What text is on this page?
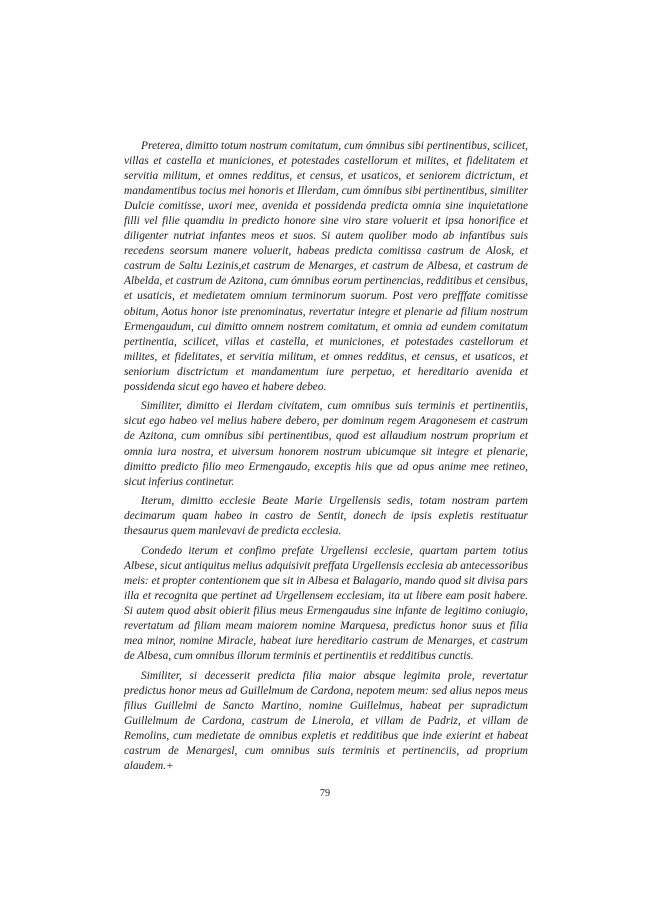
Preterea, dimitto totum nostrum comitatum, cum ómnibus sibi pertinentibus, scilicet, villas et castella et municiones, et potestades castellorum et milites, et fidelitatem et servitia militum, et omnes redditus, et census, et usaticos, et seniorem dictrictum, et mandamentibus tocius mei honoris et Illerdam, cum ómnibus sibi pertinentibus, similiter Dulcie comitisse, uxori mee, avenida et possidenda predicta omnia sine inquietatione filli vel filie quamdiu in predicto honore sine viro stare voluerit et ipsa honorifice et diligenter nutriat infantes meos et suos. Si autem quoliber modo ab infantibus suis recedens seorsum manere voluerit, habeas predicta comitissa castrum de Alosk, et castrum de Saltu Lezinis,et castrum de Menarges, et castrum de Albesa, et castrum de Albelda, et castrum de Azitona, cum ómnibus eorum pertinencias, redditibus et censibus, et usaticis, et medietatem omnium terminorum suorum. Post vero prefffate comitisse obitum, Aotus honor iste prenominatus, revertatur integre et plenarie ad filium nostrum Ermengaudum, cui dimitto omnem nostrem comitatum, et omnia ad eundem comitatum pertinentia, scilicet, villas et castella, et municiones, et potestades castellorum et milites, et fidelitates, et servitia militum, et omnes redditus, et census, et usaticos, et seniorium disctrictum et mandamentum iure perpetuo, et hereditario avenida et possidenda sicut ego haveo et habere debeo.

Similiter, dimitto ei Ilerdam civitatem, cum omnibus suis terminis et pertinentiis, sicut ego habeo vel melius habere debero, per dominum regem Aragonesem et castrum de Azitona, cum omnibus sibi pertinentibus, quod est allaudium nostrum proprium et omnia iura nostra, et uiversum honorem nostrum ubicumque sit integre et plenarie, dimitto predicto filio meo Ermengaudo, exceptis hiis que ad opus anime mee retineo, sicut inferius continetur.

Iterum, dimitto ecclesie Beate Marie Urgellensis sedis, totam nostram partem decimarum quam habeo in castro de Sentit, donech de ipsis expletis restituatur thesaurus quem manlevavi de predicta ecclesia.

Condedo iterum et confimo prefate Urgellensi ecclesie, quartam partem totius Albese, sicut antiquitus melius adquisivit preffata Urgellensis ecclesia ab antecessoribus meis: et propter contentionem que sit in Albesa et Balagario, mando quod sit divisa pars illa et recognita que pertinet ad Urgellensem ecclesiam, ita ut libere eam posit habere. Si autem quod absit obierit filius meus Ermengaudus sine infante de legitimo coniugio, revertatum ad filiam meam maiorem nomine Marquesa, predictus honor suus et filia mea minor, nomine Miracle, habeat iure hereditario castrum de Menarges, et castrum de Albesa, cum omnibus illorum terminis et pertinentiis et redditibus cunctis.

Similiter, si decesserit predicta filia maior absque legimita prole, revertatur predictus honor meus ad Guillelmum de Cardona, nepotem meum: sed alius nepos meus filius Guillelmi de Sancto Martino, nomine Guillelmus, habeat per supradictum Guillelmum de Cardona, castrum de Linerola, et villam de Padriz, et villam de Remolins, cum medietate de omnibus expletis et redditibus que inde exierint et habeat castrum de Menargesl, cum omnibus suis terminis et pertinenciis, ad proprium alaudem.+

79
